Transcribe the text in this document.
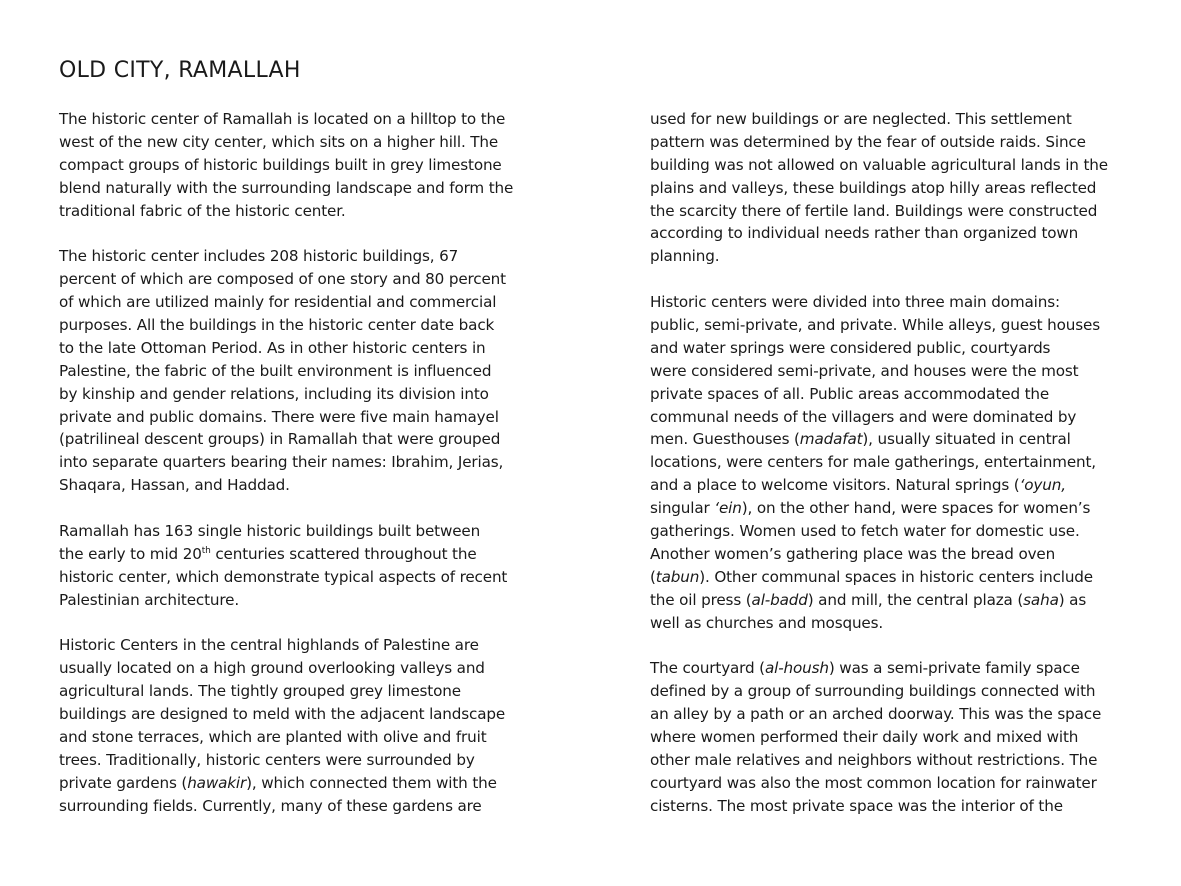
OLD CITY, RAMALLAH
The historic center of Ramallah is located on a hilltop to the
west of the new city center, which sits on a higher hill. The
compact groups of historic buildings built in grey limestone
blend naturally with the surrounding landscape and form the
traditional fabric of the historic center.
The historic center includes 208 historic buildings, 67
percent of which are composed of one story and 80 percent
of which are utilized mainly for residential and commercial
purposes. All the buildings in the historic center date back
to the late Ottoman Period. As in other historic centers in
Palestine, the fabric of the built environment is influenced
by kinship and gender relations, including its division into
private and public domains. There were five main hamayel
(patrilineal descent groups) in Ramallah that were grouped
into separate quarters bearing their names: Ibrahim, Jerias,
Shaqara, Hassan, and Haddad.
Ramallah has 163 single historic buildings built between
the early to mid 20th centuries scattered throughout the
historic center, which demonstrate typical aspects of recent
Palestinian architecture.
Historic Centers in the central highlands of Palestine are
usually located on a high ground overlooking valleys and
agricultural lands. The tightly grouped grey limestone
buildings are designed to meld with the adjacent landscape
and stone terraces, which are planted with olive and fruit
trees. Traditionally, historic centers were surrounded by
private gardens (hawakir), which connected them with the
surrounding fields. Currently, many of these gardens are
used for new buildings or are neglected. This settlement
pattern was determined by the fear of outside raids. Since
building was not allowed on valuable agricultural lands in the
plains and valleys, these buildings atop hilly areas reflected
the scarcity there of fertile land. Buildings were constructed
according to individual needs rather than organized town
planning.
Historic centers were divided into three main domains:
public, semi-private, and private. While alleys, guest houses
and water springs were considered public, courtyards
were considered semi-private, and houses were the most
private spaces of all. Public areas accommodated the
communal needs of the villagers and were dominated by
men. Guesthouses (madafat), usually situated in central
locations, were centers for male gatherings, entertainment,
and a place to welcome visitors. Natural springs (‘oyun,
singular ‘ein), on the other hand, were spaces for women’s
gatherings. Women used to fetch water for domestic use.
Another women’s gathering place was the bread oven
(tabun). Other communal spaces in historic centers include
the oil press (al-badd) and mill, the central plaza (saha) as
well as churches and mosques.
The courtyard (al-housh) was a semi-private family space
defined by a group of surrounding buildings connected with
an alley by a path or an arched doorway. This was the space
where women performed their daily work and mixed with
other male relatives and neighbors without restrictions. The
courtyard was also the most common location for rainwater
cisterns. The most private space was the interior of the
